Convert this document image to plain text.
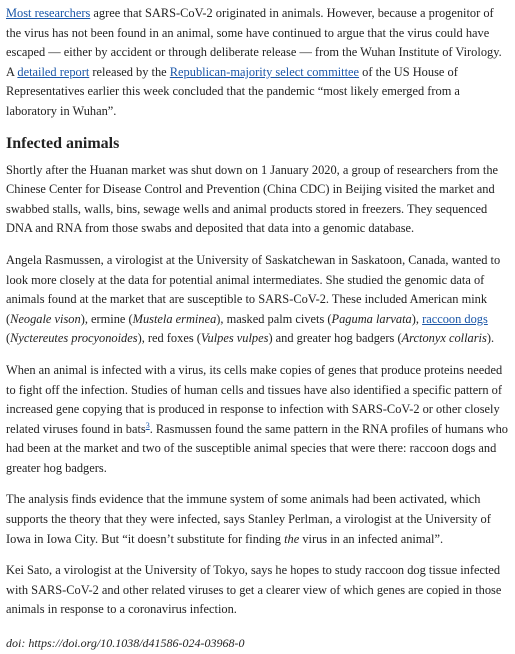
Most researchers agree that SARS-CoV-2 originated in animals. However, because a progenitor of the virus has not been found in an animal, some have continued to argue that the virus could have escaped — either by accident or through deliberate release — from the Wuhan Institute of Virology. A detailed report released by the Republican-majority select committee of the US House of Representatives earlier this week concluded that the pandemic “most likely emerged from a laboratory in Wuhan”.

Infected animals

Shortly after the Huanan market was shut down on 1 January 2020, a group of researchers from the Chinese Center for Disease Control and Prevention (China CDC) in Beijing visited the market and swabbed stalls, walls, bins, sewage wells and animal products stored in freezers. They sequenced DNA and RNA from those swabs and deposited that data into a genomic database.

Angela Rasmussen, a virologist at the University of Saskatchewan in Saskatoon, Canada, wanted to look more closely at the data for potential animal intermediates. She studied the genomic data of animals found at the market that are susceptible to SARS-CoV-2. These included American mink (Neogale vison), ermine (Mustela erminea), masked palm civets (Paguma larvata), raccoon dogs (Nyctereutes procyonoides), red foxes (Vulpes vulpes) and greater hog badgers (Arctonyx collaris).

When an animal is infected with a virus, its cells make copies of genes that produce proteins needed to fight off the infection. Studies of human cells and tissues have also identified a specific pattern of increased gene copying that is produced in response to infection with SARS-CoV-2 or other closely related viruses found in bats$^3$. Rasmussen found the same pattern in the RNA profiles of humans who had been at the market and two of the susceptible animal species that were there: raccoon dogs and greater hog badgers.

The analysis finds evidence that the immune system of some animals had been activated, which supports the theory that they were infected, says Stanley Perlman, a virologist at the University of Iowa in Iowa City. But “it doesn’t substitute for finding the virus in an infected animal”.

Kei Sato, a virologist at the University of Tokyo, says he hopes to study raccoon dog tissue infected with SARS-CoV-2 and other related viruses to get a clearer view of which genes are copied in those animals in response to a coronavirus infection.

doi: https://doi.org/10.1038/d41586-024-03968-0
